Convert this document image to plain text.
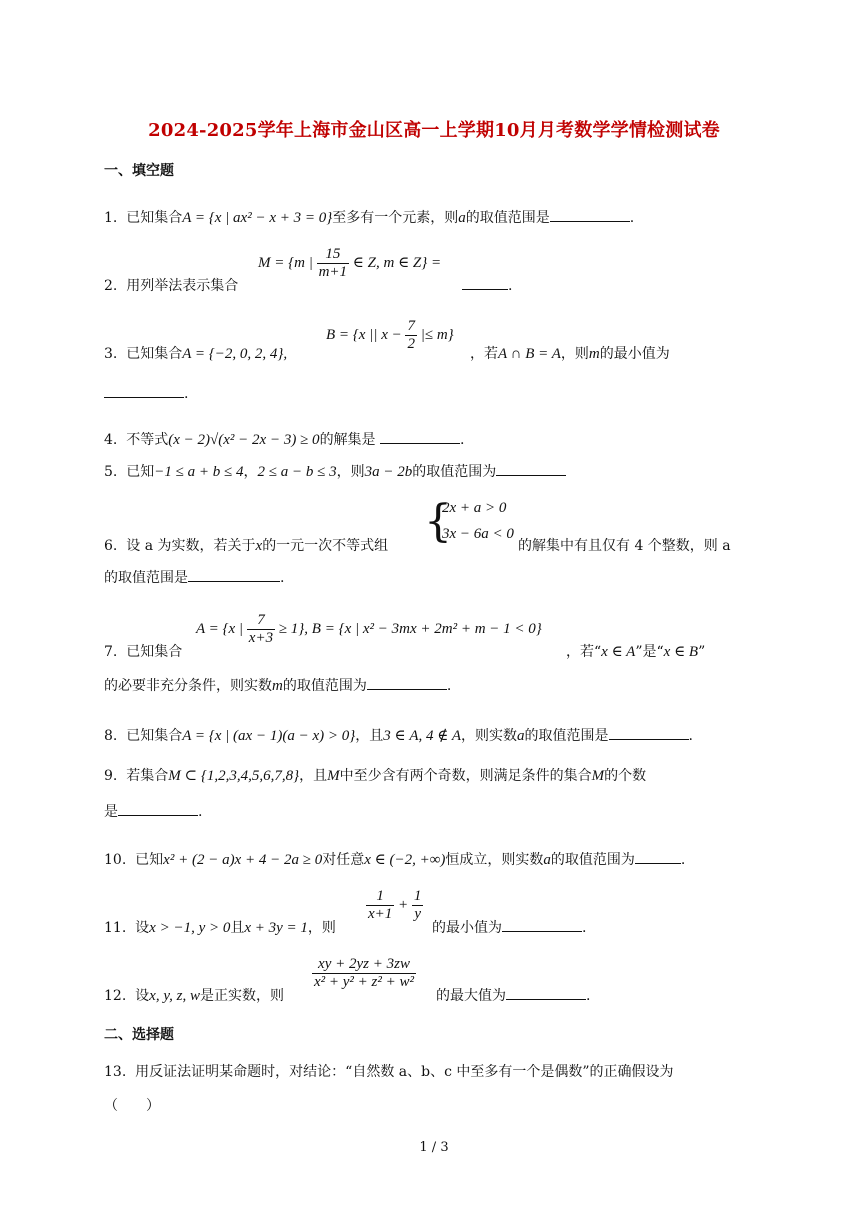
2024-2025学年上海市金山区高一上学期10月月考数学学情检测试卷
一、填空题
1. 已知集合A = {x | ax² − x + 3 = 0}至多有一个元素，则a的取值范围是	.
2. 用列举法表示集合
M = {m | $\frac{15}{m+1}$ ∈ Z, m ∈ Z} =
.
3. 已知集合A = {−2, 0, 2, 4},
B = {x || $x - \frac{7}{2}$ |≤ m}
，若A ∩ B = A，则m的最小值为
.
4. 不等式(x − 2)√(x² − 2x − 3) ≥ 0的解集是	.
5. 已知−1 ≤ a + b ≤ 4，2 ≤ a − b ≤ 3，则3a − 2b的取值范围为
6. 设 a 为实数，若关于x的一元一次不等式组 {
2x + a > 0
3x − 6a < 0
的解集中有且仅有 4 个整数，则 a
的取值范围是	.
7. 已知集合
A = {x | $\frac{7}{x+3} \ge 1$}, B = {x | x² − 3mx + 2m² + m − 1 < 0}
，若“x ∈ A”是“x ∈ B”
的必要非充分条件，则实数m的取值范围为	.
8. 已知集合A = {x | (ax − 1)(a − x) > 0}，且3 ∈ A, 4 ∉ A，则实数a的取值范围是	.
9. 若集合M ⊂ {1,2,3,4,5,6,7,8}，且M中至少含有两个奇数，则满足条件的集合M的个数
是	.
10. 已知x² + (2 − a)x + 4 − 2a ≥ 0对任意x ∈ (−2, +∞)恒成立，则实数a的取值范围为	.
11. 设x > −1, y > 0且x + 3y = 1，则
$\frac{1}{x+1} + \frac{1}{y}$
的最小值为	.
12. 设x, y, z, w是正实数，则
$\frac{xy + 2yz + 3zw}{\text{x² + y² + z² + w²}}$
的最大值为	.
二、选择题
13. 用反证法证明某命题时，对结论：“自然数 a、b、c 中至多有一个是偶数”的正确假设为
（　　）
1 / 3
